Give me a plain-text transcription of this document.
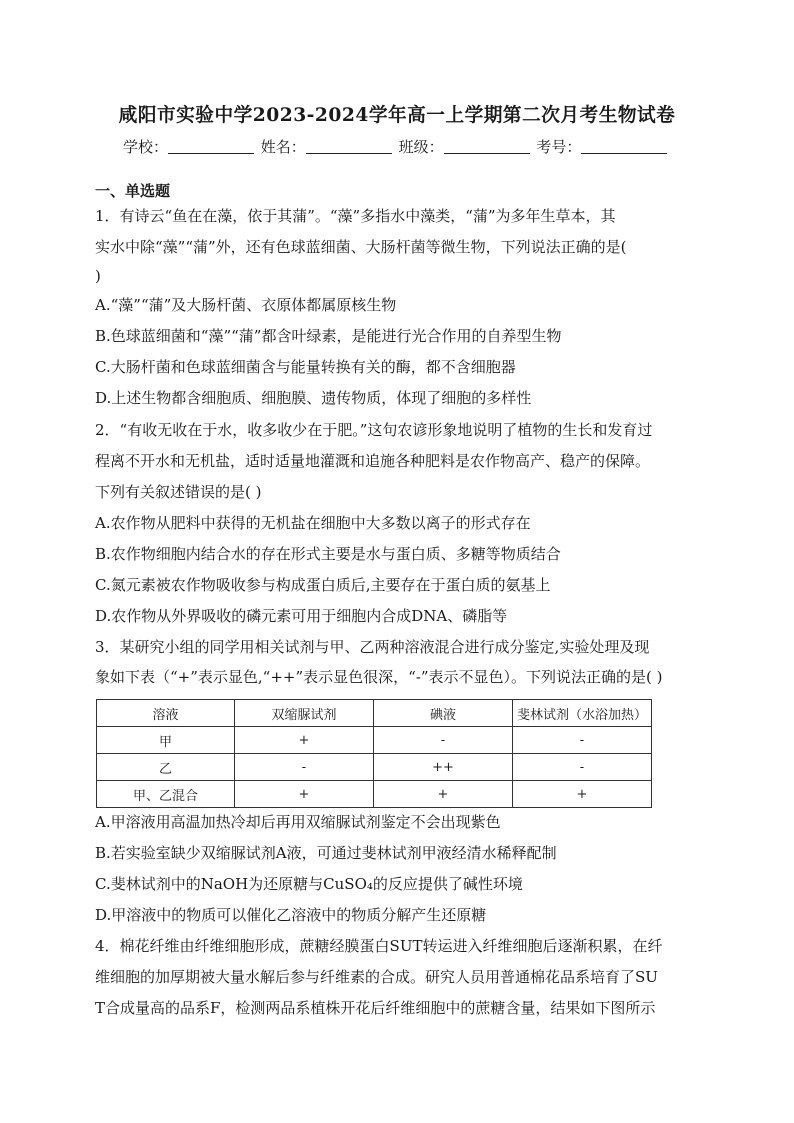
咸阳市实验中学2023-2024学年高一上学期第二次月考生物试卷
学校：	姓名：	班级：	考号：
一、单选题
1．有诗云“鱼在在藻，依于其蒲”。“藻”多指水中藻类，“蒲”为多年生草本，其
实水中除“藻”“蒲”外，还有色球蓝细菌、大肠杆菌等微生物，下列说法正确的是(
)
A.“藻”“蒲”及大肠杆菌、衣原体都属原核生物
B.色球蓝细菌和“藻”“蒲”都含叶绿素，是能进行光合作用的自养型生物
C.大肠杆菌和色球蓝细菌含与能量转换有关的酶，都不含细胞器
D.上述生物都含细胞质、细胞膜、遗传物质，体现了细胞的多样性
2．“有收无收在于水，收多收少在于肥。”这句农谚形象地说明了植物的生长和发育过
程离不开水和无机盐，适时适量地灌溉和追施各种肥料是农作物高产、稳产的保障。
下列有关叙述错误的是( )
A.农作物从肥料中获得的无机盐在细胞中大多数以离子的形式存在
B.农作物细胞内结合水的存在形式主要是水与蛋白质、多糖等物质结合
C.氮元素被农作物吸收参与构成蛋白质后,主要存在于蛋白质的氨基上
D.农作物从外界吸收的磷元素可用于细胞内合成DNA、磷脂等
3．某研究小组的同学用相关试剂与甲、乙两种溶液混合进行成分鉴定,实验处理及现
象如下表（“+”表示显色,“++”表示显色很深，“-”表示不显色）。下列说法正确的是( )
溶液	双缩脲试剂	碘液	斐林试剂（水浴加热）
甲	+	-	-
乙	-	++	-
甲、乙混合	+	+	+
A.甲溶液用高温加热冷却后再用双缩脲试剂鉴定不会出现紫色
B.若实验室缺少双缩脲试剂A液，可通过斐林试剂甲液经清水稀释配制
C.斐林试剂中的NaOH为还原糖与CuSO₄的反应提供了碱性环境
D.甲溶液中的物质可以催化乙溶液中的物质分解产生还原糖
4．棉花纤维由纤维细胞形成，蔗糖经膜蛋白SUT转运进入纤维细胞后逐渐积累，在纤
维细胞的加厚期被大量水解后参与纤维素的合成。研究人员用普通棉花品系培育了SU
T合成量高的品系F，检测两品系植株开花后纤维细胞中的蔗糖含量，结果如下图所示
